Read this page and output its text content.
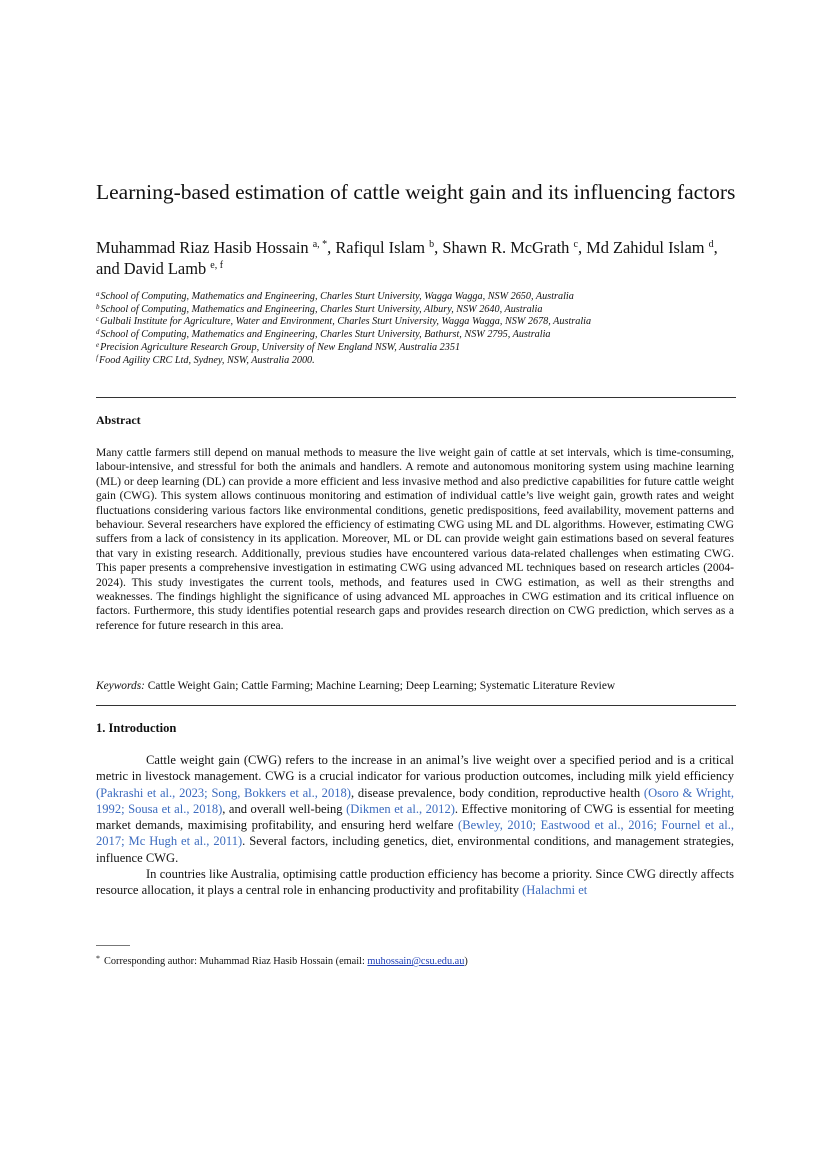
Learning-based estimation of cattle weight gain and its influencing factors
Muhammad Riaz Hasib Hossain $^{a, *}$, Rafiqul Islam $^b$, Shawn R. McGrath $^c$, Md Zahidul Islam $^d$, and David Lamb $^{e, f}$
$^a$School of Computing, Mathematics and Engineering, Charles Sturt University, Wagga Wagga, NSW 2650, Australia
$^b$School of Computing, Mathematics and Engineering, Charles Sturt University, Albury, NSW 2640, Australia
$^c$Gulbali Institute for Agriculture, Water and Environment, Charles Sturt University, Wagga Wagga, NSW 2678, Australia
$^d$School of Computing, Mathematics and Engineering, Charles Sturt University, Bathurst, NSW 2795, Australia
$^e$Precision Agriculture Research Group, University of New England NSW, Australia 2351
$^f$Food Agility CRC Ltd, Sydney, NSW, Australia 2000.
Abstract

Many cattle farmers still depend on manual methods to measure the live weight gain of cattle at set intervals, which is time-consuming, labour-intensive, and stressful for both the animals and handlers. A remote and autonomous monitoring system using machine learning (ML) or deep learning (DL) can provide a more efficient and less invasive method and also predictive capabilities for future cattle weight gain (CWG). This system allows continuous monitoring and estimation of individual cattle’s live weight gain, growth rates and weight fluctuations considering various factors like environmental conditions, genetic predispositions, feed availability, movement patterns and behaviour. Several researchers have explored the efficiency of estimating CWG using ML and DL algorithms. However, estimating CWG suffers from a lack of consistency in its application. Moreover, ML or DL can provide weight gain estimations based on several features that vary in existing research. Additionally, previous studies have encountered various data-related challenges when estimating CWG. This paper presents a comprehensive investigation in estimating CWG using advanced ML techniques based on research articles (2004-2024). This study investigates the current tools, methods, and features used in CWG estimation, as well as their strengths and weaknesses. The findings highlight the significance of using advanced ML approaches in CWG estimation and its critical influence on factors. Furthermore, this study identifies potential research gaps and provides research direction on CWG prediction, which serves as a reference for future research in this area.

Keywords: Cattle Weight Gain; Cattle Farming; Machine Learning; Deep Learning; Systematic Literature Review
1. Introduction

Cattle weight gain (CWG) refers to the increase in an animal’s live weight over a specified period and is a critical metric in livestock management. CWG is a crucial indicator for various production outcomes, including milk yield efficiency (Pakrashi et al., 2023; Song, Bokkers et al., 2018), disease prevalence, body condition, reproductive health (Osoro & Wright, 1992; Sousa et al., 2018), and overall well-being (Dikmen et al., 2012). Effective monitoring of CWG is essential for meeting market demands, maximising profitability, and ensuring herd welfare (Bewley, 2010; Eastwood et al., 2016; Fournel et al., 2017; Mc Hugh et al., 2011). Several factors, including genetics, diet, environmental conditions, and management strategies, influence CWG.

In countries like Australia, optimising cattle production efficiency has become a priority. Since CWG directly affects resource allocation, it plays a central role in enhancing productivity and profitability (Halachmi et

* Corresponding author: Muhammad Riaz Hasib Hossain (email: muhossain@csu.edu.au)
